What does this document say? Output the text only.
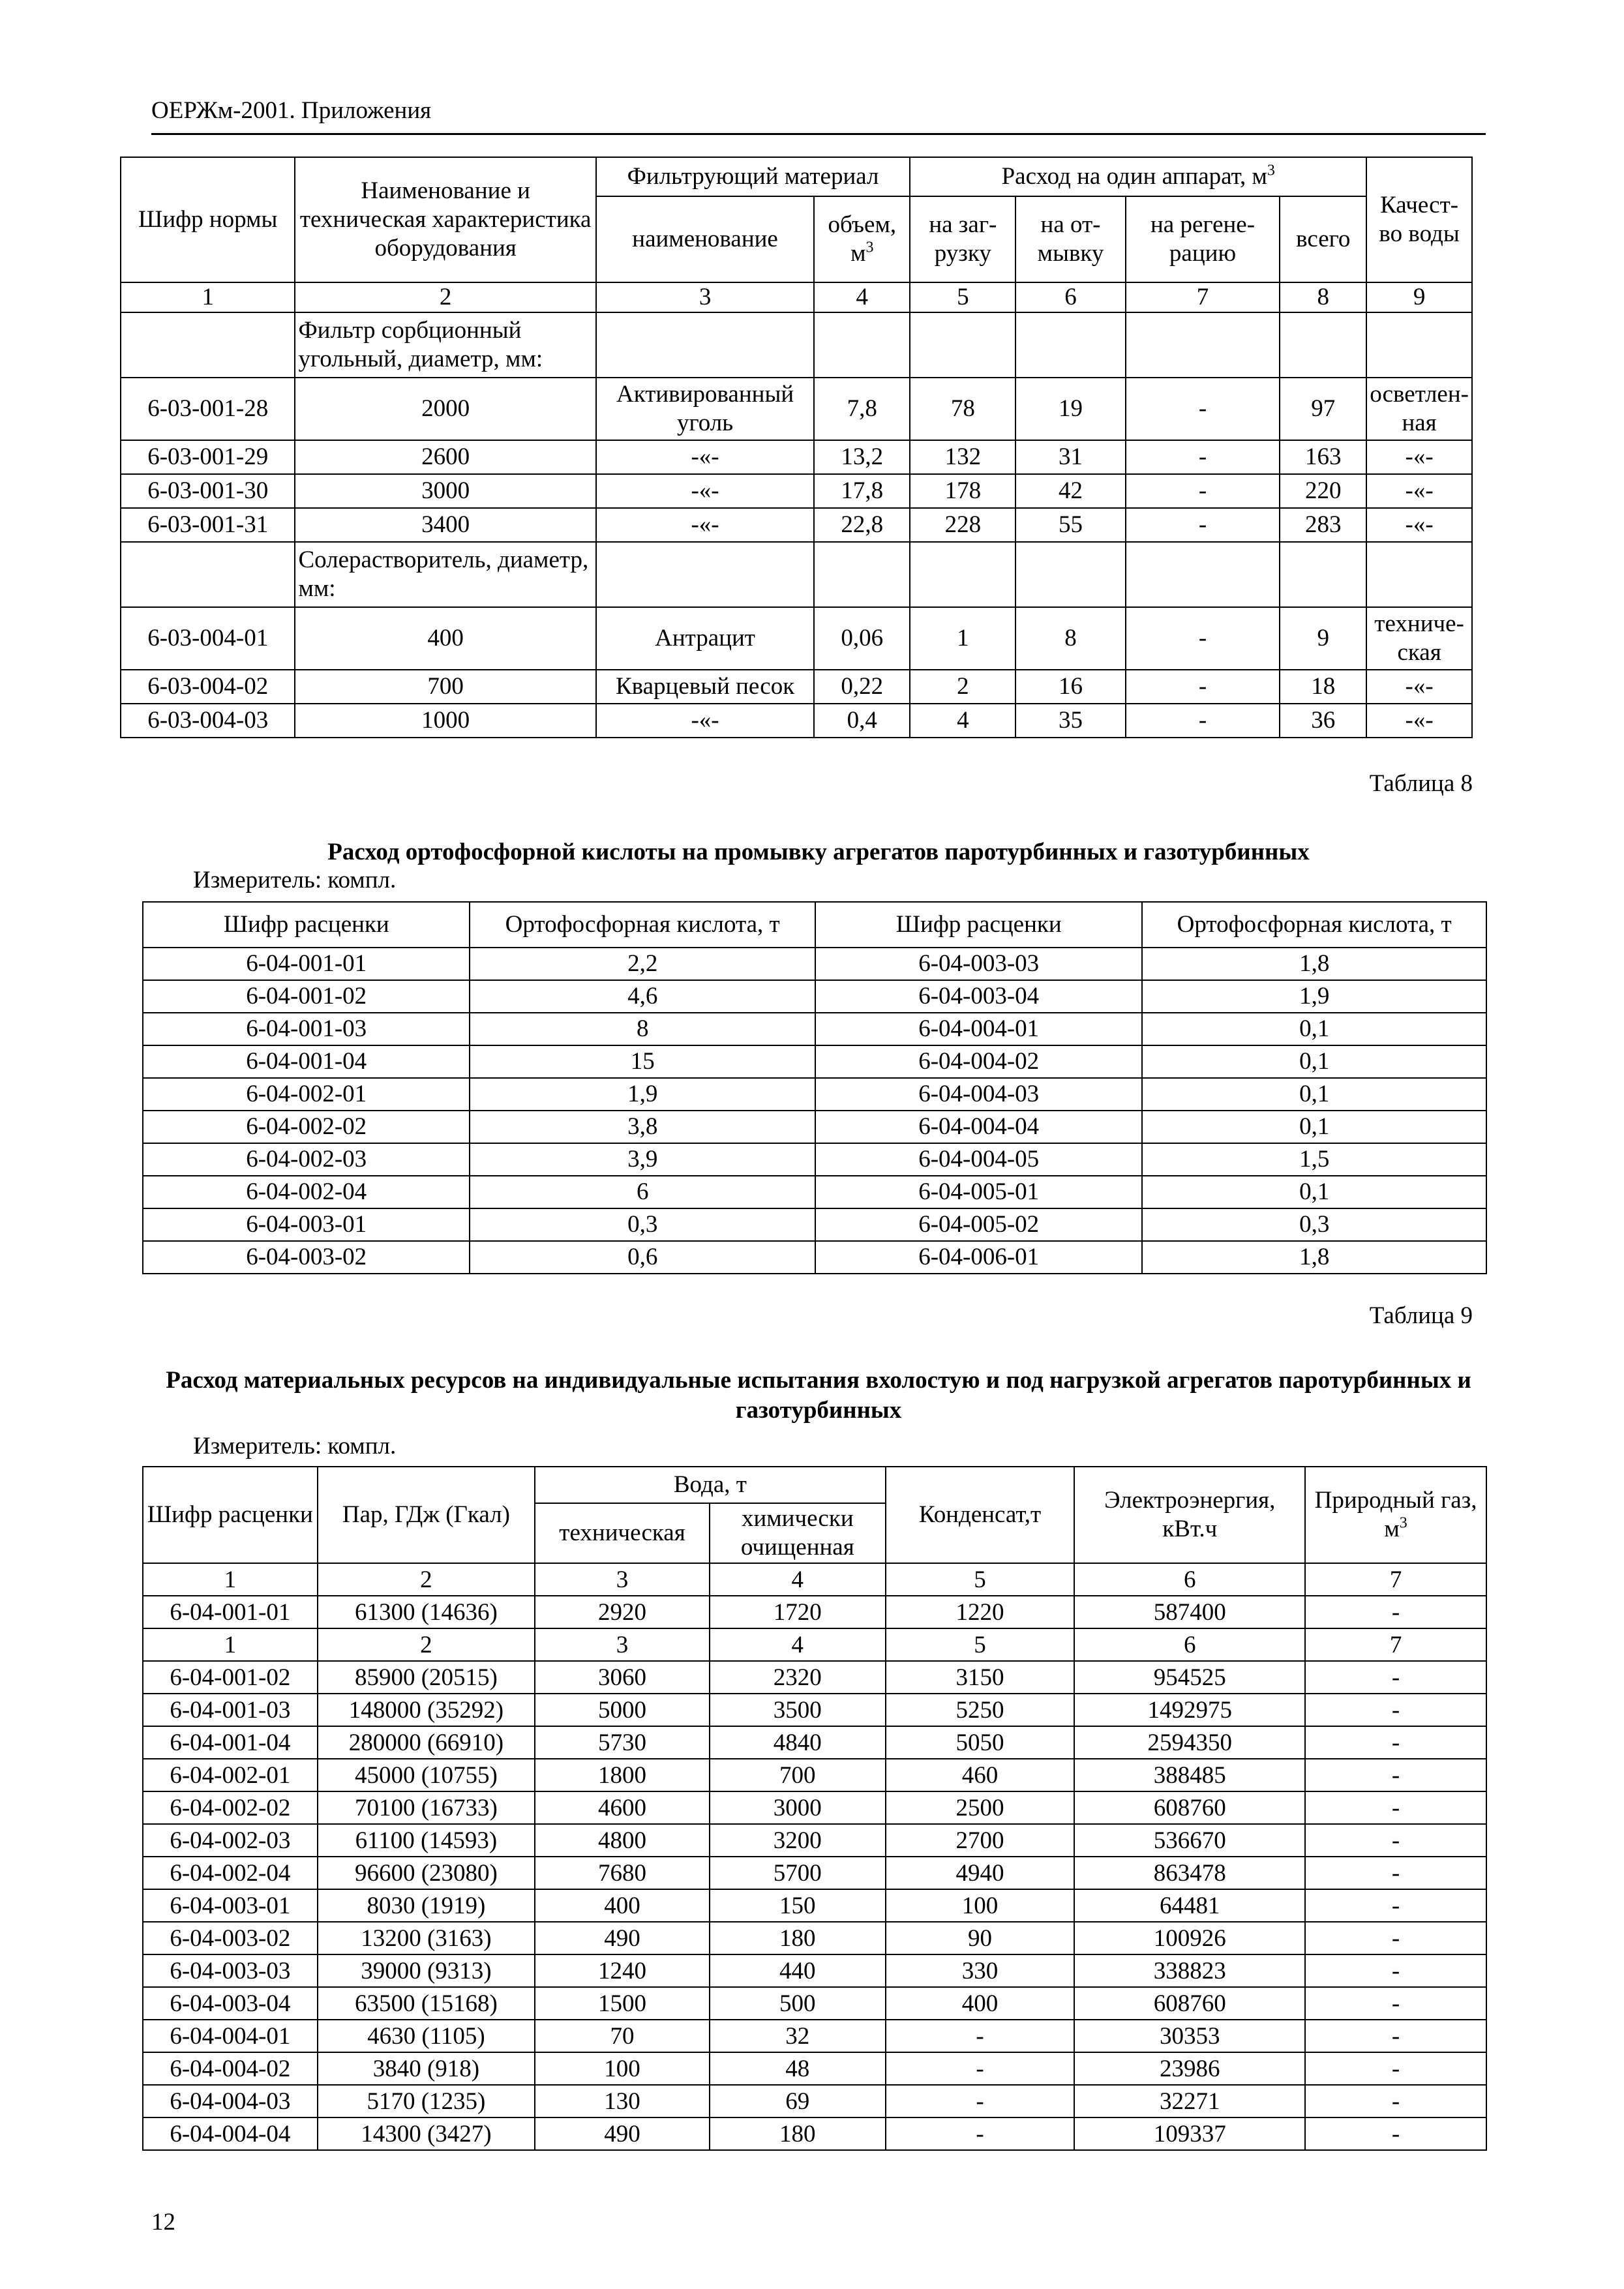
ОЕРЖм-2001. Приложения
Шифр нормы	Наименование и техническая характеристика оборудования	Фильтрующий материал		Расход на один аппарат, $м^3$				Качест- во воды
		наименование	объем, $м^3$	на заг- рузку	на от- мывку	на регене- рацию	всего	
1	2	3	4	5	6	7	8	9
	Фильтр сорбционный угольный, диаметр, мм:							
6-03-001-28	2000	Активированный уголь	7,8	78	19	-	97	осветлен- ная
6-03-001-29	2600	-«-	13,2	132	31	-	163	-«-
6-03-001-30	3000	-«-	17,8	178	42	-	220	-«-
6-03-001-31	3400	-«-	22,8	228	55	-	283	-«-
	Солерастворитель, диаметр, мм:							
6-03-004-01	400	Антрацит	0,06	1	8	-	9	техниче- ская
6-03-004-02	700	Кварцевый песок	0,22	2	16	-	18	-«-
6-03-004-03	1000	-«-	0,4	4	35	-	36	-«-
Таблица 8
Расход ортофосфорной кислоты на промывку агрегатов паротурбинных и газотурбинных
Измеритель: компл.
Шифр расценки	Ортофосфорная кислота, т	Шифр расценки	Ортофосфорная кислота, т
6-04-001-01	2,2	6-04-003-03	1,8
6-04-001-02	4,6	6-04-003-04	1,9
6-04-001-03	8	6-04-004-01	0,1
6-04-001-04	15	6-04-004-02	0,1
6-04-002-01	1,9	6-04-004-03	0,1
6-04-002-02	3,8	6-04-004-04	0,1
6-04-002-03	3,9	6-04-004-05	1,5
6-04-002-04	6	6-04-005-01	0,1
6-04-003-01	0,3	6-04-005-02	0,3
6-04-003-02	0,6	6-04-006-01	1,8
Таблица 9
Расход материальных ресурсов на индивидуальные испытания вхолостую и под нагрузкой агрегатов паротурбинных и газотурбинных
Измеритель: компл.
Шифр расценки	Пар, ГДж (Гкал)	Вода, т		Конденсат,т	Электроэнергия, кВт.ч	Природный газ, $м^3$
		техническая	химически очищенная			
1	2	3	4	5	6	7
6-04-001-01	61300 (14636)	2920	1720	1220	587400	-
1	2	3	4	5	6	7
6-04-001-02	85900 (20515)	3060	2320	3150	954525	-
6-04-001-03	148000 (35292)	5000	3500	5250	1492975	-
6-04-001-04	280000 (66910)	5730	4840	5050	2594350	-
6-04-002-01	45000 (10755)	1800	700	460	388485	-
6-04-002-02	70100 (16733)	4600	3000	2500	608760	-
6-04-002-03	61100 (14593)	4800	3200	2700	536670	-
6-04-002-04	96600 (23080)	7680	5700	4940	863478	-
6-04-003-01	8030 (1919)	400	150	100	64481	-
6-04-003-02	13200 (3163)	490	180	90	100926	-
6-04-003-03	39000 (9313)	1240	440	330	338823	-
6-04-003-04	63500 (15168)	1500	500	400	608760	-
6-04-004-01	4630 (1105)	70	32	-	30353	-
6-04-004-02	3840 (918)	100	48	-	23986	-
6-04-004-03	5170 (1235)	130	69	-	32271	-
6-04-004-04	14300 (3427)	490	180	-	109337	-
12
